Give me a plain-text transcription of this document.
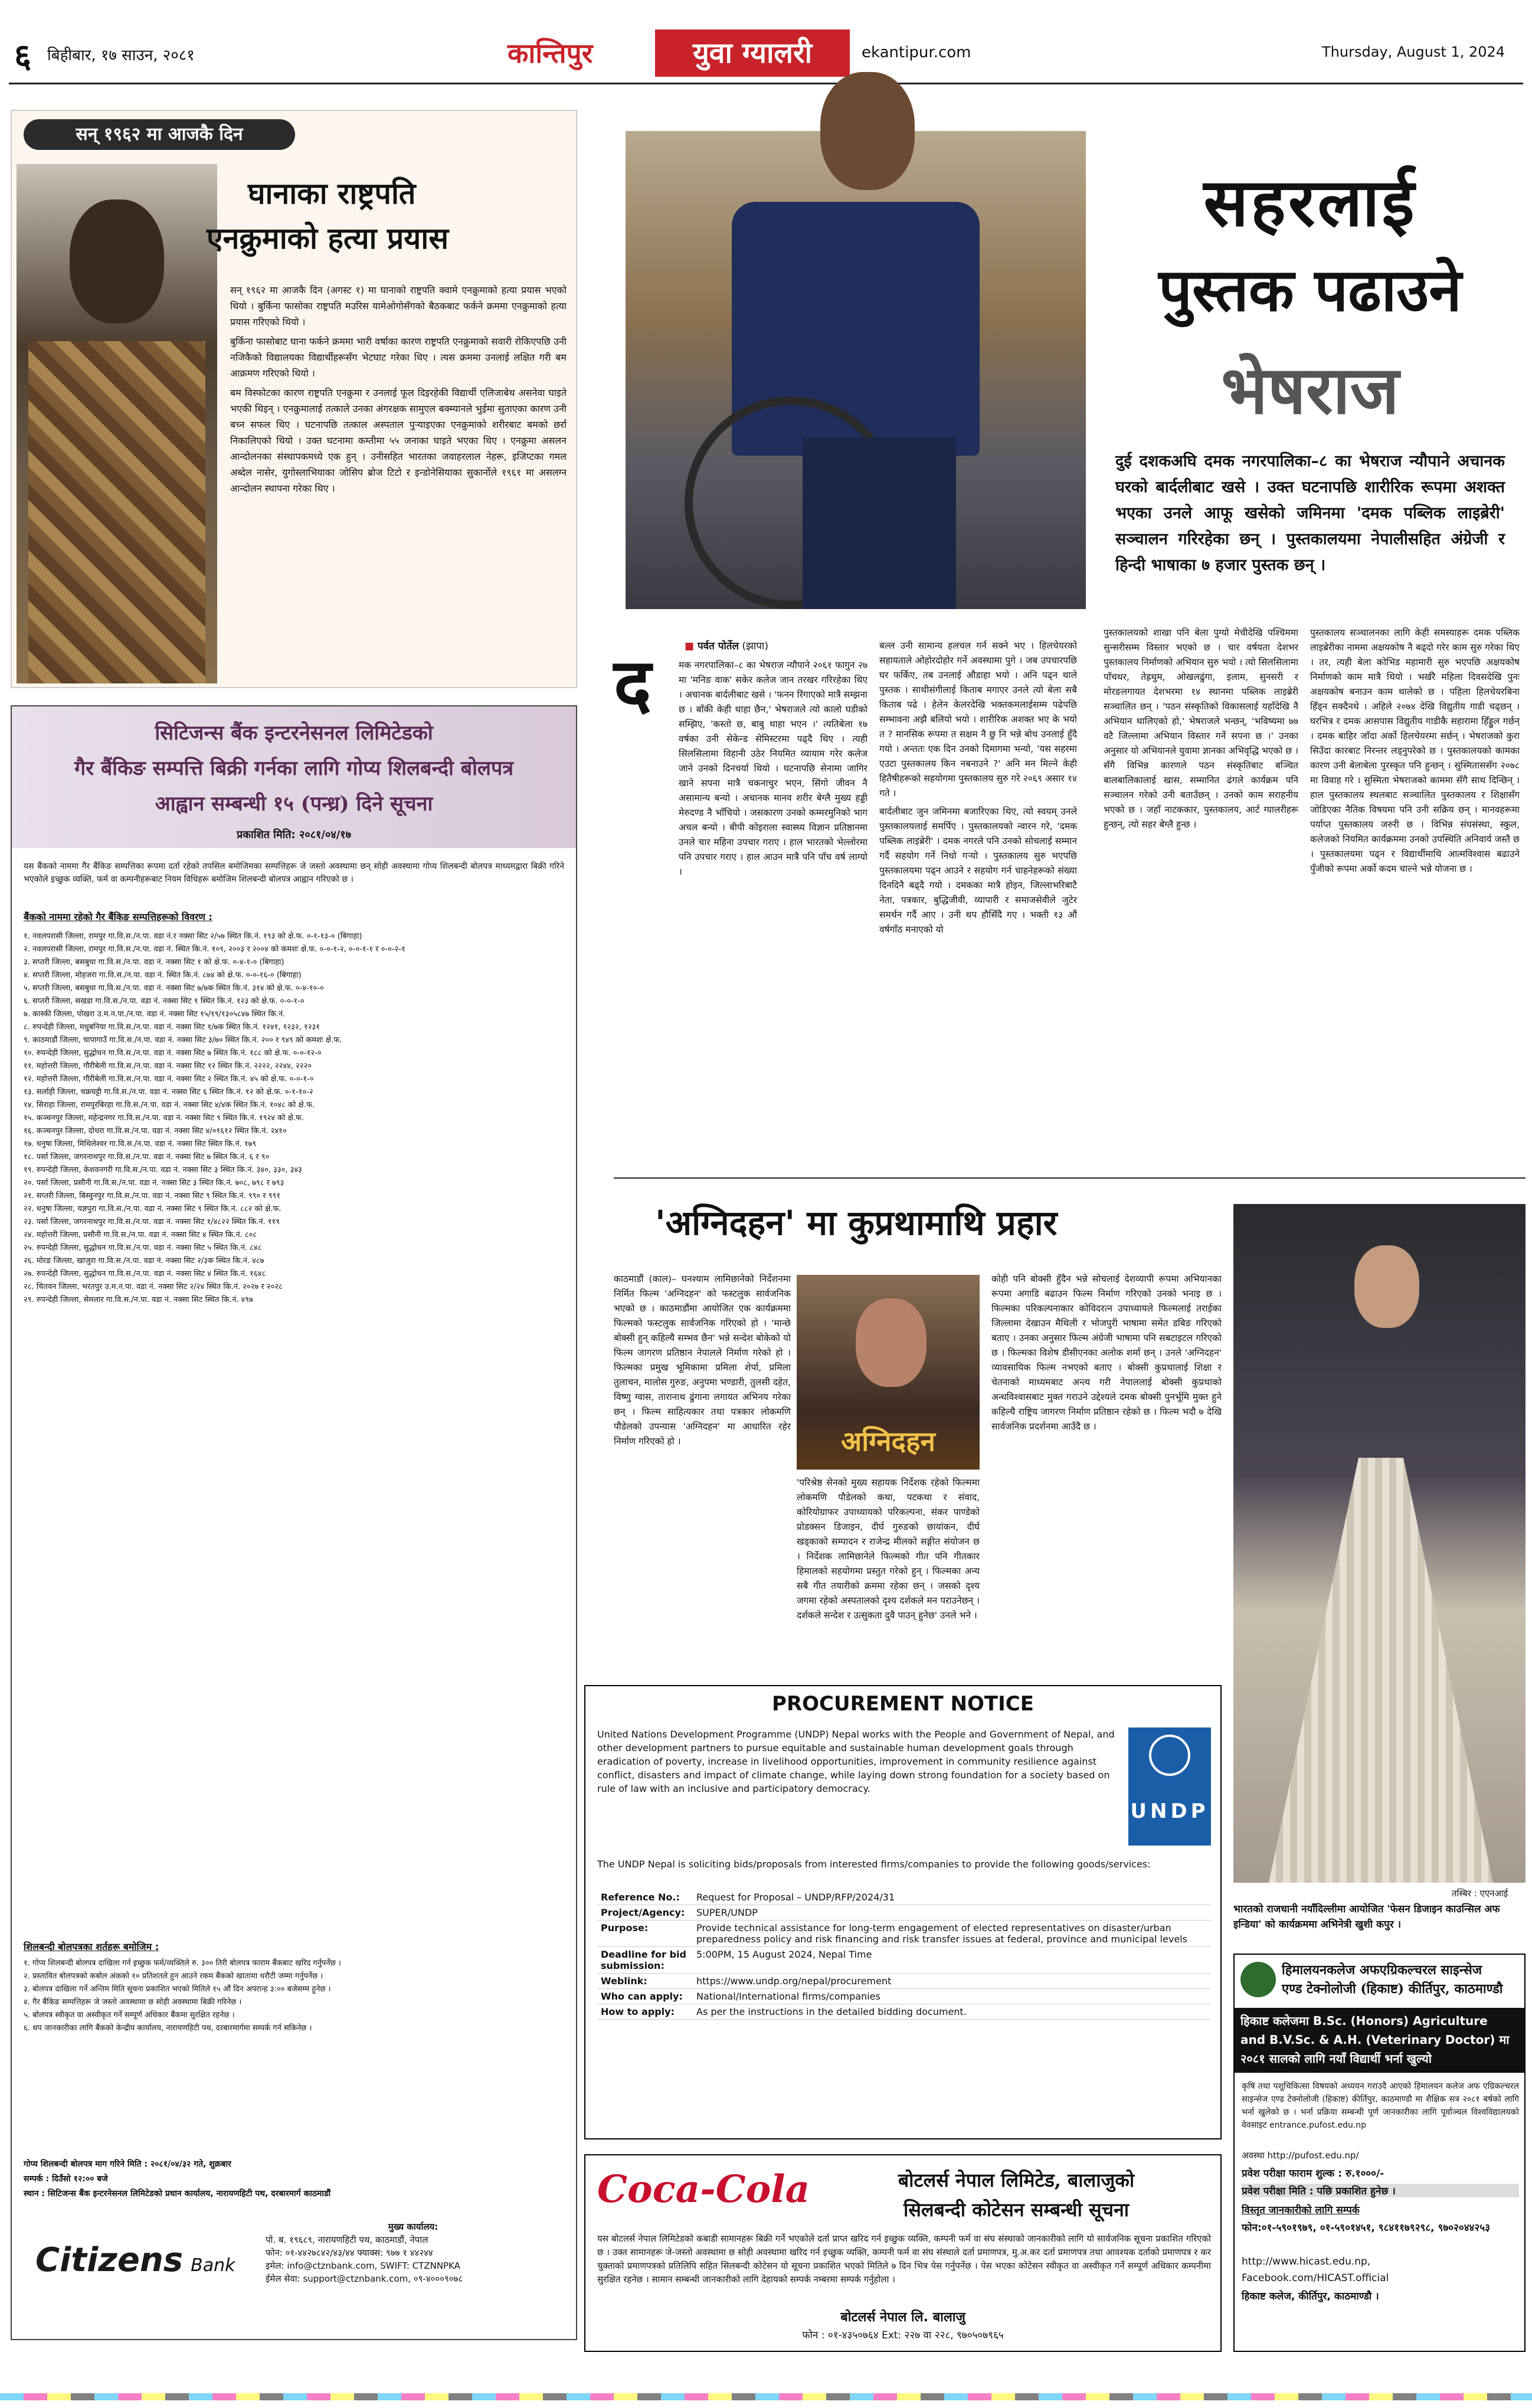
६ बिहीबार, १७ साउन, २०८१	कान्तिपुर	युवा ग्यालरी	ekantipur.com	Thursday, August 1, 2024
सन् १९६२ मा आजकै दिन
घानाका राष्ट्रपति
एनक्रुमाको हत्या प्रयास

सन् १९६२ मा आजकै दिन (अगस्ट १) मा घानाको राष्ट्रपति क्वामे एनक्रुमाको हत्या प्रयास भएको थियो । बुर्किना फासोका राष्ट्रपति मउरिस यामेओगोसँगको बैठकबाट फर्कने क्रममा एनक्रुमाको हत्या प्रयास गरिएको थियो ।

बुर्किना फासोबाट घाना फर्कने क्रममा भारी वर्षाका कारण राष्ट्रपति एनक्रुमाको सवारी रोकिएपछि उनी नजिकैको विद्यालयका विद्यार्थीहरूसँग भेटघाट गरेका थिए । त्यस क्रममा उनलाई लक्षित गरी बम आक्रमण गरिएको थियो ।

बम विस्फोटका कारण राष्ट्रपति एनक्रुमा र उनलाई फूल दिइरहेकी विद्यार्थी एलिजाबेथ असनेवा घाइते भएकी थिइन् । एनक्रुमालाई तत्काले उनका अंगरक्षक सामुएल बक्म्यानले भुईमा सुताएका कारण उनी बच्न सफल थिए । घटनापछि तत्काल अस्पताल पुऱ्याइएका एनक्रुमाको शरीरबाट बमको छर्रा निकालिएको थियो । उक्त घटनामा कम्तीमा ५५ जनाका घाइते भएका थिए । एनक्रुमा असलन आन्दोलनका संस्थापकमध्ये एक हुन् । उनीसहित भारतका जवाहरलाल नेहरू, इजिप्टका गमल अब्देल नासेर, युगोस्लाभियाका जोसिप ब्रोज टिटो र इन्डोनेसियाका सुकार्नोले १९६१ मा असलग्न आन्दोलन स्थापना गरेका थिए ।

सिटिजन्स बैंक इन्टरनेसनल लिमिटेडको
गैर बैंकिङ सम्पत्ति बिक्री गर्नका लागि गोप्य शिलबन्दी बोलपत्र
आह्वान सम्बन्धी १५ (पन्ध्र) दिने सूचना
प्रकाशित मिति: २०८१/०४/१७
यस बैंकको नाममा गैर बैंकिङ सम्पत्तिका रूपमा दर्ता रहेको तपसिल बमोजिमका सम्पत्तिहरू जे जस्तो अवस्थामा छन् सोही अवस्थामा गोप्य शिलबन्दी बोलपत्र माध्यमद्वारा बिक्री गरिने भएकोले इच्छुक व्यक्ति, फर्म वा कम्पनीहरूबाट नियम विधिहरू बमोजिम शिलबन्दी बोलपत्र आह्वान गरिएको छ ।
बैंकको नाममा रहेको गैर बैंकिङ सम्पत्तिहरूको विवरण :
१. नवलपरासी जिल्ला, रामपुर गा.वि.स./न.पा. वडा नं.र नक्सा सिट २/५७ स्थित कि.नं. १९३ को क्षे.फ. ०-१-१३-० (बिगाहा)
२. नवलपरासी जिल्ला, रामपुर गा.वि.स./न.पा. वडा नं. स्थित कि.नं. १०९, २००३ र २००४ को कमशः क्षे.फ. ०-०-१-२, ०-०-१-१ र ०-०-२-१
३. सप्तरी जिल्ला, बसबुधा गा.वि.स./न.पा. वडा नं. नक्सा सिट १ को क्षे.फ. ०-४-१-० (बिगाहा)
४. सप्तरी जिल्ला, मोहजरा गा.वि.स./न.पा. वडा नं. स्थित कि.नं. ८७४ को क्षे.फ. ०-०-१६-० (बिगाहा)
५. सप्तरी जिल्ला, बसबुधा गा.वि.स./न.पा. वडा नं. नक्सा सिट ७/७क स्थित कि.नं. ३१४ को क्षे.फ. ०-४-१०-०
६. सप्तरी जिल्ला, सखडा गा.वि.स./न.पा. वडा नं. नक्सा सिट १ स्थित कि.नं. १२३ को क्षे.फ. ०-०-१-०
७. कास्की जिल्ला, पोखरा उ.म.न.पा./न.पा. वडा नं. नक्सा सिट १५/१९/१३०५८४७ स्थित कि.नं.
८. रुपन्देही जिल्ला, मधुबनिया गा.वि.स./न.पा. वडा नं. नक्सा सिट १/७क स्थित कि.नं. १२४१, १२३२, १२३१
९. काठमाडौं जिल्ला, चापागाउँ गा.वि.स./न.पा. वडा नं. नक्सा सिट ३/७० स्थित कि.नं. २०० र ९४९ को कमशः क्षे.फ.
१०. रुपन्देही जिल्ला, सुद्धोधन गा.वि.स./न.पा. वडा नं. नक्सा सिट ७ स्थित कि.नं. १८८ को क्षे.फ. ०-०-१२-०
११. महोत्तरी जिल्ला, गौरीबेली गा.वि.स./न.पा. वडा नं. नक्सा सिट १२ स्थित कि.नं. २२२२, २२४४, २२२०
१२. महोत्तरी जिल्ला, गौरीबेली गा.वि.स./न.पा. वडा नं. नक्सा सिट २ स्थित कि.नं. ४५ को क्षे.फ. ०-०-१-०
१३. सर्लाही जिल्ला, चक्रघट्टी गा.वि.स./न.पा. वडा नं. नक्सा सिट ६ स्थित कि.नं. १२ को क्षे.फ. ०-१-१०-२
१४. सिराहा जिल्ला, रामपुरबिरहा गा.वि.स./न.पा. वडा नं. नक्सा सिट ४/४क स्थित कि.नं. १०४८ को क्षे.फ.
१५. कञ्चनपुर जिल्ला, महेन्द्रनगर गा.वि.स./न.पा. वडा नं. नक्सा सिट ९ स्थित कि.नं. १९२४ को क्षे.फ.
१६. कञ्चनपुर जिल्ला, दोधरा गा.वि.स./न.पा. वडा नं. नक्सा सिट ४/०१६१२ स्थित कि.नं. २४१०
१७. धनुषा जिल्ला, मिथिलेश्वर गा.वि.स./न.पा. वडा नं. नक्सा सिट स्थित कि.नं. १७९
१८. पर्सा जिल्ला, जगरनाथपुर गा.वि.स./न.पा. वडा नं. नक्सा सिट ७ स्थित कि.नं. ६ र ९०
१९. रुपन्देही जिल्ला, केशवनगरी गा.वि.स./न.पा. वडा नं. नक्सा सिट ३ स्थित कि.नं. ३४०, ३३०, ३४३
२०. पर्सा जिल्ला, प्रसौनी गा.वि.स./न.पा. वडा नं. नक्सा सिट ३ स्थित कि.नं. ७०८, ७९८ र ७९३
२१. सप्तरी जिल्ला, बिस्वुनपुर गा.वि.स./न.पा. वडा नं. नक्सा सिट ९ स्थित कि.नं. ९९० र ९९१
२२. धनुषा जिल्ला, यज्ञपुरा गा.वि.स./न.पा. वडा नं. नक्सा सिट ९ स्थित कि.नं. ८८२ को क्षे.फ.
२३. पर्सा जिल्ला, जगरनाथपुर गा.वि.स./न.पा. वडा नं. नक्सा सिट १/४८२२ स्थित कि.नं. ११९
२४. महोत्तरी जिल्ला, प्रसौनी गा.वि.स./न.पा. वडा नं. नक्सा सिट ४ स्थित कि.नं. ८०८
२५. रुपन्देही जिल्ला, सुद्धोधन गा.वि.स./न.पा. वडा नं. नक्सा सिट ५ स्थित कि.नं. ८४८
२६. मोरङ जिल्ला, खाजुरा गा.वि.स./न.पा. वडा नं. नक्सा सिट २/३क स्थित कि.नं. ४८७
२७. रुपन्देही जिल्ला, सुद्धोधन गा.वि.स./न.पा. वडा नं. नक्सा सिट ४ स्थित कि.नं. १६४८
२८. चितवन जिल्ला, भरतपुर उ.म.न.पा. वडा नं. नक्सा सिट २/२४ स्थित कि.नं. २०२७ र २०२८
२९. रुपन्देही जिल्ला, सेमलार गा.वि.स./न.पा. वडा नं. नक्सा सिट स्थित कि.नं. ४९७
शिलबन्दी बोलपत्रका शर्तहरू बमोजिम :
१. गोप्य शिलबन्दी बोलपत्र दाखिला गर्न इच्छुक फर्म/व्यक्तिले रु. ३०० तिरी बोलपत्र फाराम बैंकबाट खरिद गर्नुपर्नेछ ।
२. प्रस्तावित बोलपत्रको कबोल अंकको १० प्रतिशतले हुन आउने रकम बैंकको खातामा धरौटी जम्मा गर्नुपर्नेछ ।
३. बोलपत्र दाखिला गर्ने अन्तिम मिति सूचना प्रकाशित भएको मितिले १५ औं दिन अपरान्ह ३:०० बजेसम्म हुनेछ ।
४. गैर बैंकिङ सम्पत्तिहरू जे जस्तो अवस्थामा छ सोही अवस्थामा बिक्री गरिनेछ ।
५. बोलपत्र स्वीकृत वा अस्वीकृत गर्ने सम्पूर्ण अधिकार बैंकमा सुरक्षित रहनेछ ।
६. थप जानकारीका लागि बैंकको केन्द्रीय कार्यालय, नारायणहिटी पथ, दरबारमार्गमा सम्पर्क गर्न सकिनेछ ।
गोप्य शिलबन्दी बोलपत्र माग गरिने मिति : २०८१/०४/३२ गते, शुक्रबार
सम्पर्क : दिउँसो १२:०० बजे
स्थान : सिटिजन्स बैंक इन्टरनेसनल लिमिटेडको प्रधान कार्यालय, नारायणहिटी पथ, दरबारमार्ग काठमाडौं
Citizens Bank
मुख्य कार्यालय:
पो. ब. १९६८९, नारायणहिटी पथ, काठमाडौं, नेपाल
फोन: ०१-४४२७८४२/४३/४४ फ्याक्स: ९७७ १ ४४२४४
इमेल: info@ctznbank.com, SWIFT: CTZNNPKA
ईमेल सेवा: support@ctznbank.com, ०९-४०००९०७८
सहरलाई
पुस्तक पढाउने
भेषराज
दुई दशकअघि दमक नगरपालिका–८ का भेषराज न्यौपाने अचानक घरको बार्दलीबाट खसे । उक्त घटनापछि शारीरिक रूपमा अशक्त भएका उनले आफू खसेको जमिनमा 'दमक पब्लिक लाइब्रेरी' सञ्चालन गरिरहेका छन् । पुस्तकालयमा नेपालीसहित अंग्रेजी र हिन्दी भाषाका ७ हजार पुस्तक छन् ।
■ पर्वत पोर्तेल (झापा)
द	मक नगरपालिका–८ का भेषराज न्यौपाने २०६१ फागुन २७ मा 'मनिङ वाक' सकेर कलेज जान तरखर गरिरहेका थिए । अचानक बार्दलीबाट खसे । 'फनन रिंगाएको मात्रै सम्झना छ । बाँकी केही थाहा छैन,' भेषराजले त्यो कालो घडीको सम्झिए, 'कस्तो छ, बाबु थाहा भएन ।' त्यतिबेला १७ वर्षका उनी सेकेन्ड सेमिस्टरमा पढ्दै थिए । त्यही सिलसिलामा विहानी उठेर नियमित व्यायाम गरेर कलेज जाने उनको दिनचर्या थियो । घटनापछि सेनामा जागिर खाने सपना मात्रै चकनाचुर भएन, सिंगो जीवन नै असामान्य बन्यो । अचानक मानव शरीर बेग्लै मुख्य हड्डी मेरुदण्ड नै भाँचियो । जसकारण उनको कम्मरमुनिको भाग अचल बन्यो । बीपी कोइराला स्वास्थ्य विज्ञान प्रतिष्ठानमा उनले चार महिना उपचार गराए । हाल भारतको भेल्लोरमा पनि उपचार गराए । हाल आउन मात्रै पनि पाँच वर्ष लाग्यो ।

बल्ल उनी सामान्य हलचल गर्न सक्ने भए । हिलचेयरको सहायताले ओहोरदोहोर गर्ने अवस्थामा पुगे । जब उपचारपछि घर फर्किए, तब उनलाई औडाहा भयो । अनि पढ्न थाले पुस्तक । साथीसंगीलाई किताब मगाएर उनले त्यो बेला सबै किताब पढे । हेलेन केलरदेखि भक्तकमलाईसम्म पढेपछि सम्भावना अझै बलियो भयो । शारीरिक अशक्त भए के भयो त ? मानसिक रूपमा त सक्षम नै छु नि भन्ने बोध उनलाई हुँदै गयो । अन्ततः एक दिन उनको दिमागमा भन्यो, 'यस सहरमा एउटा पुस्तकालय किन नबनाउने ?' अनि मन मिल्ने केही हितैषीहरूको सहयोगमा पुस्तकालय सुरु गरे २०६९ असार १४ गते ।

बार्दलीबाट जुन जमिनमा बजारिएका थिए, त्यो स्वयम् उनले पुस्तकालयलाई समर्पिए । पुस्तकालयको न्वारन गरे, 'दमक पब्लिक लाइब्रेरी' । दमक नगरले पनि उनको सोचलाई सम्मान गर्दै सहयोग गर्ने निधो गऱ्यो । पुस्तकालय सुरु भएपछि पुस्तकालयमा पढ्न आउने र सहयोग गर्न चाहनेहरूको संख्या दिनदिनै बढ्दै गयो । दमकका मात्रै होइन, जिल्लाभरिबाटै नेता, पत्रकार, बुद्धिजीवी, व्यापारी र समाजसेवीले जुटेर समर्थन गर्दै आए । उनी थप हौसिँदै गए । भक्ती १३ औं वर्षगाँठ मनाएको यो

पुस्तकालयको शाखा पनि बेला पुग्यो मेचीदेखि पश्चिममा सुन्सरीसम्म विस्तार भएको छ । चार वर्षयता देशभर पुस्तकालय निर्माणको अभियान सुरु भयो । त्यो सिलसिलामा पाँचथर, तेह्रथुम, ओखलढुंगा, इलाम, सुनसरी र मोरङलगायत देशभरमा १४ स्थानमा पब्लिक लाइब्रेरी सञ्चालित छन् । 'पठन संस्कृतिको विकासलाई यहाँदेखि नै अभियान थालिएको हो,' भेषराजले भन्छन्, 'भविष्यमा ७७ वटै जिल्लामा अभियान विस्तार गर्ने सपना छ ।' उनका अनुसार यो अभियानले युवामा ज्ञानका अभिवृद्धि भएको छ । सँगै विभिन्न कारणले पठन संस्कृतिबाट बञ्चित बालबालिकालाई खास, सम्मानित ढंगले कार्यक्रम पनि सञ्चालन गरेको उनी बताउँछन् । उनको काम सराहनीय भएको छ । जहाँ नाटककार, पुस्तकालय, आर्ट ग्यालरीहरू हुन्छन्, त्यो सहर बेग्लै हुन्छ ।

पुस्तकालय सञ्चालनका लागि केही समस्याहरू दमक पब्लिक लाइब्रेरीका नाममा अक्षयकोष नै बढ्दो गरेर काम सुरु गरेका थिए । तर, त्यही बेला कोभिड महामारी सुरु भएपछि अक्षयकोष निर्माणको काम मात्रै थियो । भर्खरै महिला दिवसदेखि पुनः अक्षयकोष बनाउन काम थालेको छ । पहिला हिलचेयरबिना हिँड्न सक्दैनथे । अहिले २०७४ देखि विद्युतीय गाडी चढ्छन् । घरभित्र र दमक आसपास विद्युतीय गाडीकै सहारामा हिँड्डुल गर्छन् । दमक बाहिर जाँदा अर्को हिलचेयरमा सर्छन् । भेषराजको कुरा सिउँदा कारबाट निरन्तर लड्नुपरेको छ । पुस्तकालयको कामका कारण उनी बेलाबेला पुरस्कृत पनि हुन्छन् । सुस्मिताससँग २०७८ मा विवाह गरे । सुस्मिता भेषराजको काममा सँगै साथ दिन्छिन् । हाल पुस्तकालय स्थलबाट सञ्चालित पुस्तकालय र शिक्षासँग जोडिएका नैतिक विषयमा पनि उनी सक्रिय छन् । मानवहरूमा पर्याप्त पुस्तकालय जरुरी छ । विभिन्न संघसंस्था, स्कुल, कलेजको नियमित कार्यक्रममा उनको उपस्थिति अनिवार्य जस्तै छ । पुस्तकालयमा पढ्न र विद्यार्थीमाथि आत्मविश्वास बढाउने पुँजीको रूपमा अर्को कदम चाल्ने भन्ने योजना छ ।

'अग्निदहन' मा कुप्रथामाथि प्रहार

काठमाडौं (काल)– घनश्याम लामिछानेको निर्देशनमा निर्मित फिल्म 'अग्निदहन' को फस्टलुक सार्वजनिक भएको छ । काठमाडौंमा आयोजित एक कार्यक्रममा फिल्मको फस्टलुक सार्वजनिक गरिएको हो । 'मान्छे बोक्सी हुन् कहिल्यै सम्भव छैन' भन्ने सन्देश बोकेको यो फिल्म जागरण प्रतिष्ठान नेपालले निर्माण गरेको हो । फिल्मका प्रमुख भूमिकामा प्रमिला शेर्पा, प्रमिला तुलाचन, मालोस गुरुङ, अनुपमा भण्डारी, तुलसी दहेत, विष्णु ग्वास, तारानाथ ढुंगाना लगायत अभिनय गरेका छन् । फिल्म साहित्यकार तथा पत्रकार लोकमणि पौडेलको उपन्यास 'अग्निदहन' मा आधारित रहेर निर्माण गरिएको हो ।	अग्निदहन

'परिश्रेष्ठ सेनको मुख्य सहायक निर्देशक रहेको फिल्ममा लोकमणि पौडेलको कथा, पटकथा र संवाद, कोरियोग्राफर उपाध्यायको परिकल्पना, संकर पाण्डेको प्रोडक्सन डिजाइन, दीर्घ गुरुङको छायांकन, दीर्घ खड्काको सम्पादन र राजेन्द्र मीलको सङ्गीत संयोजन छ । निर्देशक लामिछानेले फिल्मको गीत पनि गीतकार हिमालको सहयोगमा प्रस्तुत गरेको हुन् । फिल्मका अन्य सबै गीत तयारीको क्रममा रहेका छन् । जसको दृश्य जगमा रहेको अस्पतालको दृश्य दर्शकले मन पराउनेछन् । दर्शकले सन्देश र उत्सुकता दुवै पाउन् हुनेछ' उनले भने ।

कोही पनि बोक्सी हुँदैन भन्ने सोचलाई देशव्यापी रूपमा अभियानका रूपमा अगाडि बढाउन फिल्म निर्माण गरिएको उनको भनाइ छ । फिल्मका परिकल्पनाकार कोविदरत्न उपाध्यायले फिल्मलाई तराईका जिल्लामा देखाउन मैथिली र भोजपुरी भाषामा समेत डबिङ गरिएको बताए । उनका अनुसार फिल्म अंग्रेजी भाषामा पनि सबटाइटल गरिएको छ । फिल्मका विशेष डीसीएनका अलोक शर्मा छन् । उनले 'अग्निदहन' व्यावसायिक फिल्म नभएको बताए । बोक्सी कुप्रथालाई शिक्षा र चेतनाको माध्यमबाट अन्त्य गरी नेपाललाई बोक्सी कुप्रथाको अन्धविश्वासबाट मुक्त गराउने उद्देश्यले दमक बोक्सी पुनर्भूमि मुक्त हुने कहिल्यै राष्ट्रिय जागरण निर्माण प्रतिष्ठान रहेको छ । फिल्म भदौ ७ देखि सार्वजनिक प्रदर्शनमा आउँदै छ ।

तस्बिर : एएनआई
भारतको राजधानी नयाँदिल्लीमा आयोजित 'फेसन डिजाइन काउन्सिल अफ इन्डिया' को कार्यक्रममा अभिनेत्री खुशी कपुर ।
PROCUREMENT NOTICE
United Nations Development Programme (UNDP) Nepal works with the People and Government of Nepal, and other development partners to pursue equitable and sustainable human development goals through eradication of poverty, increase in livelihood opportunities, improvement in community resilience against conflict, disasters and impact of climate change, while laying down strong foundation for a society based on rule of law with an inclusive and participatory democracy.
UNDP
The UNDP Nepal is soliciting bids/proposals from interested firms/companies to provide the following goods/services:
Reference No.:	Request for Proposal – UNDP/RFP/2024/31
Project/Agency:	SUPER/UNDP
Purpose:	Provide technical assistance for long-term engagement of elected representatives on disaster/urban preparedness policy and risk financing and risk transfer issues at federal, province and municipal levels
Deadline for bid submission:	5:00PM, 15 August 2024, Nepal Time
Weblink:	https://www.undp.org/nepal/procurement
Who can apply:	National/International firms/companies
How to apply:	As per the instructions in the detailed bidding document.
Coca-Cola	बोटलर्स नेपाल लिमिटेड, बालाजुको
सिलबन्दी कोटेसन सम्बन्धी सूचना
यस बोटलर्स नेपाल लिमिटेडको कबाडी सामानहरू बिक्री गर्ने भएकोले दर्ता प्राप्त खरिद गर्न इच्छुक व्यक्ति, कम्पनी फर्म वा संघ संस्थाको जानकारीको लागि यो सार्वजनिक सूचना प्रकाशित गरिएको छ । उक्त सामानहरू जे-जस्तो अवस्थामा छ सोही अवस्थामा खरिद गर्न इच्छुक व्यक्ति, कम्पनी फर्म वा संघ संस्थाले दर्ता प्रमाणपत्र, मु.अ.कर दर्ता प्रमाणपत्र तथा आवश्यक दर्ताको प्रमाणपत्र र कर चुक्ताको प्रमाणपत्रको प्रतिलिपि सहित सिलबन्दी कोटेसन यो सूचना प्रकाशित भएको मितिले ७ दिन भित्र पेस गर्नुपर्नेछ । पेस भएका कोटेसन स्वीकृत वा अस्वीकृत गर्ने सम्पूर्ण अधिकार कम्पनीमा सुरक्षित रहनेछ । सामान सम्बन्धी जानकारीको लागि देहायको सम्पर्क नम्बरमा सम्पर्क गर्नुहोला ।
बोटलर्स नेपाल लि. बालाजु
फोन : ०१-४३५०७६४ Ext: २२७ वा २२८, ९७०५०७९६५
हिमालयनकलेज अफएग्रिकल्चरल साइन्सेज
एण्ड टेक्नोलोजी (हिकाष्ट) कीर्तिपुर, काठमाण्डौ
हिकाष्ट कलेजमा B.Sc. (Honors) Agriculture
and B.V.Sc. & A.H. (Veterinary Doctor) मा
२०८१ सालको लागि नयाँ विद्यार्थी भर्ना खुल्यो
कृषि तथा पशुचिकित्सा विषयको अध्ययन गराउदै आएको हिमालयन कलेज अफ एग्रिकल्चरल साइन्सेज एण्ड टेक्नोलोजी (हिकाष्ट) कीर्तिपुर, काठमाण्डौ मा शैक्षिक सत्र २०८१ बर्षको लागि भर्ना खुलेको छ । भर्ना प्रक्रिया सम्बन्धी पूर्ण जानकारीका लागि पूर्वाञ्चल विश्वविद्यालयको वेवसाइट entrance.pufost.edu.np
अवस्था http://pufost.edu.np/
प्रवेश परीक्षा फाराम शुल्क : रु.१०००/-
प्रवेश परीक्षा मिति : पछि प्रकाशित हुनेछ ।
विस्तृत जानकारीको लागि सम्पर्क
फोन:०१-५९०१९७९, ०१-५९०१४५१, ९८४११७९२९८, ९७०२०४४२५३
http://www.hicast.edu.np,
Facebook.com/HICAST.official
हिकाष्ट कलेज, कीर्तिपुर, काठमाण्डौ ।
